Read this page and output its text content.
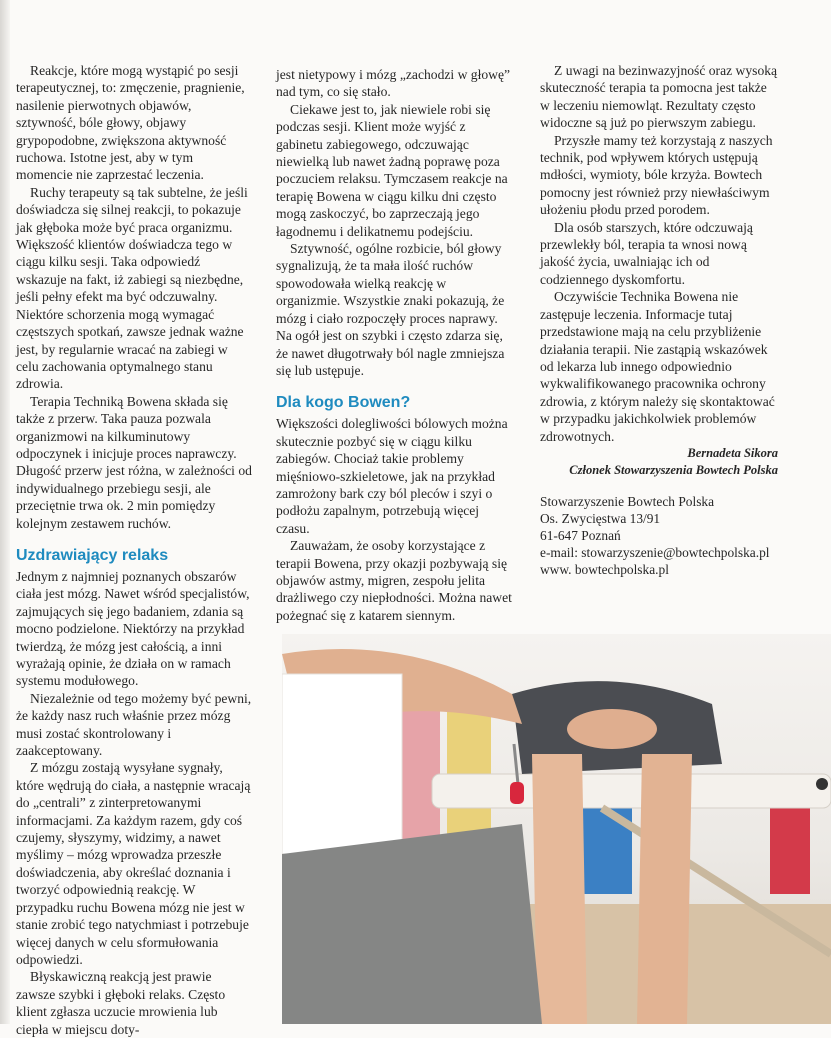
Reakcje, które mogą wystąpić po sesji terapeutycznej, to: zmęczenie, pragnienie, nasilenie pierwotnych objawów, sztywność, bóle głowy, objawy grypopodobne, zwiększona aktywność ruchowa. Istotne jest, aby w tym momencie nie zaprzestać leczenia.

Ruchy terapeuty są tak subtelne, że jeśli doświadcza się silnej reakcji, to pokazuje jak głęboka może być praca organizmu. Większość klientów doświadcza tego w ciągu kilku sesji. Taka odpowiedź wskazuje na fakt, iż zabiegi są niezbędne, jeśli pełny efekt ma być odczuwalny. Niektóre schorzenia mogą wymagać częstszych spotkań, zawsze jednak ważne jest, by regularnie wracać na zabiegi w celu zachowania optymalnego stanu zdrowia.

Terapia Techniką Bowena składa się także z przerw. Taka pauza pozwala organizmowi na kilkuminutowy odpoczynek i inicjuje proces naprawczy. Długość przerw jest różna, w zależności od indywidualnego przebiegu sesji, ale przeciętnie trwa ok. 2 min pomiędzy kolejnym zestawem ruchów.

Uzdrawiający relaks

Jednym z najmniej poznanych obszarów ciała jest mózg. Nawet wśród specjalistów, zajmujących się jego badaniem, zdania są mocno podzielone. Niektórzy na przykład twierdzą, że mózg jest całością, a inni wyrażają opinie, że działa on w ramach systemu modułowego.

Niezależnie od tego możemy być pewni, że każdy nasz ruch właśnie przez mózg musi zostać skontrolowany i zaakceptowany.

Z mózgu zostają wysyłane sygnały, które wędrują do ciała, a następnie wracają do „centrali” z zinterpretowanymi informacjami. Za każdym razem, gdy coś czujemy, słyszymy, widzimy, a nawet myślimy – mózg wprowadza przeszłe doświadczenia, aby określać doznania i tworzyć odpowiednią reakcję. W przypadku ruchu Bowena mózg nie jest w stanie zrobić tego natychmiast i potrzebuje więcej danych w celu sformułowania odpowiedzi.

Błyskawiczną reakcją jest prawie zawsze szybki i głęboki relaks. Często klient zgłasza uczucie mrowienia lub ciepła w miejscu doty-

jest nietypowy i mózg „zachodzi w głowę” nad tym, co się stało.

Ciekawe jest to, jak niewiele robi się podczas sesji. Klient może wyjść z gabinetu zabiegowego, odczuwając niewielką lub nawet żadną poprawę poza poczuciem relaksu. Tymczasem reakcje na terapię Bowena w ciągu kilku dni często mogą zaskoczyć, bo zaprzeczają jego łagodnemu i delikatnemu podejściu.

Sztywność, ogólne rozbicie, ból głowy sygnalizują, że ta mała ilość ruchów spowodowała wielką reakcję w organizmie. Wszystkie znaki pokazują, że mózg i ciało rozpoczęły proces naprawy. Na ogół jest on szybki i często zdarza się, że nawet długotrwały ból nagle zmniejsza się lub ustępuje.

Dla kogo Bowen?

Większości dolegliwości bólowych można skutecznie pozbyć się w ciągu kilku zabiegów. Chociaż takie problemy mięśniowo-szkieletowe, jak na przykład zamrożony bark czy ból pleców i szyi o podłożu zapalnym, potrzebują więcej czasu.

Zauważam, że osoby korzystające z terapii Bowena, przy okazji pozbywają się objawów astmy, migren, zespołu jelita drażliwego czy niepłodności. Można nawet pożegnać się z katarem siennym.

Z uwagi na bezinwazyjność oraz wysoką skuteczność terapia ta pomocna jest także w leczeniu niemowląt. Rezultaty często widoczne są już po pierwszym zabiegu.

Przyszłe mamy też korzystają z naszych technik, pod wpływem których ustępują mdłości, wymioty, bóle krzyża. Bowtech pomocny jest również przy niewłaściwym ułożeniu płodu przed porodem.

Dla osób starszych, które odczuwają przewlekły ból, terapia ta wnosi nową jakość życia, uwalniając ich od codziennego dyskomfortu.

Oczywiście Technika Bowena nie zastępuje leczenia. Informacje tutaj przedstawione mają na celu przybliżenie działania terapii. Nie zastąpią wskazówek od lekarza lub innego odpowiednio wykwalifikowanego pracownika ochrony zdrowia, z którym należy się skontaktować w przypadku jakichkolwiek problemów zdrowotnych.

Bernadeta Sikora

Członek Stowarzyszenia Bowtech Polska

Stowarzyszenie Bowtech Polska
Os. Zwycięstwa 13/91
61-647 Poznań
e-mail: stowarzyszenie@bowtechpolska.pl
www. bowtechpolska.pl
